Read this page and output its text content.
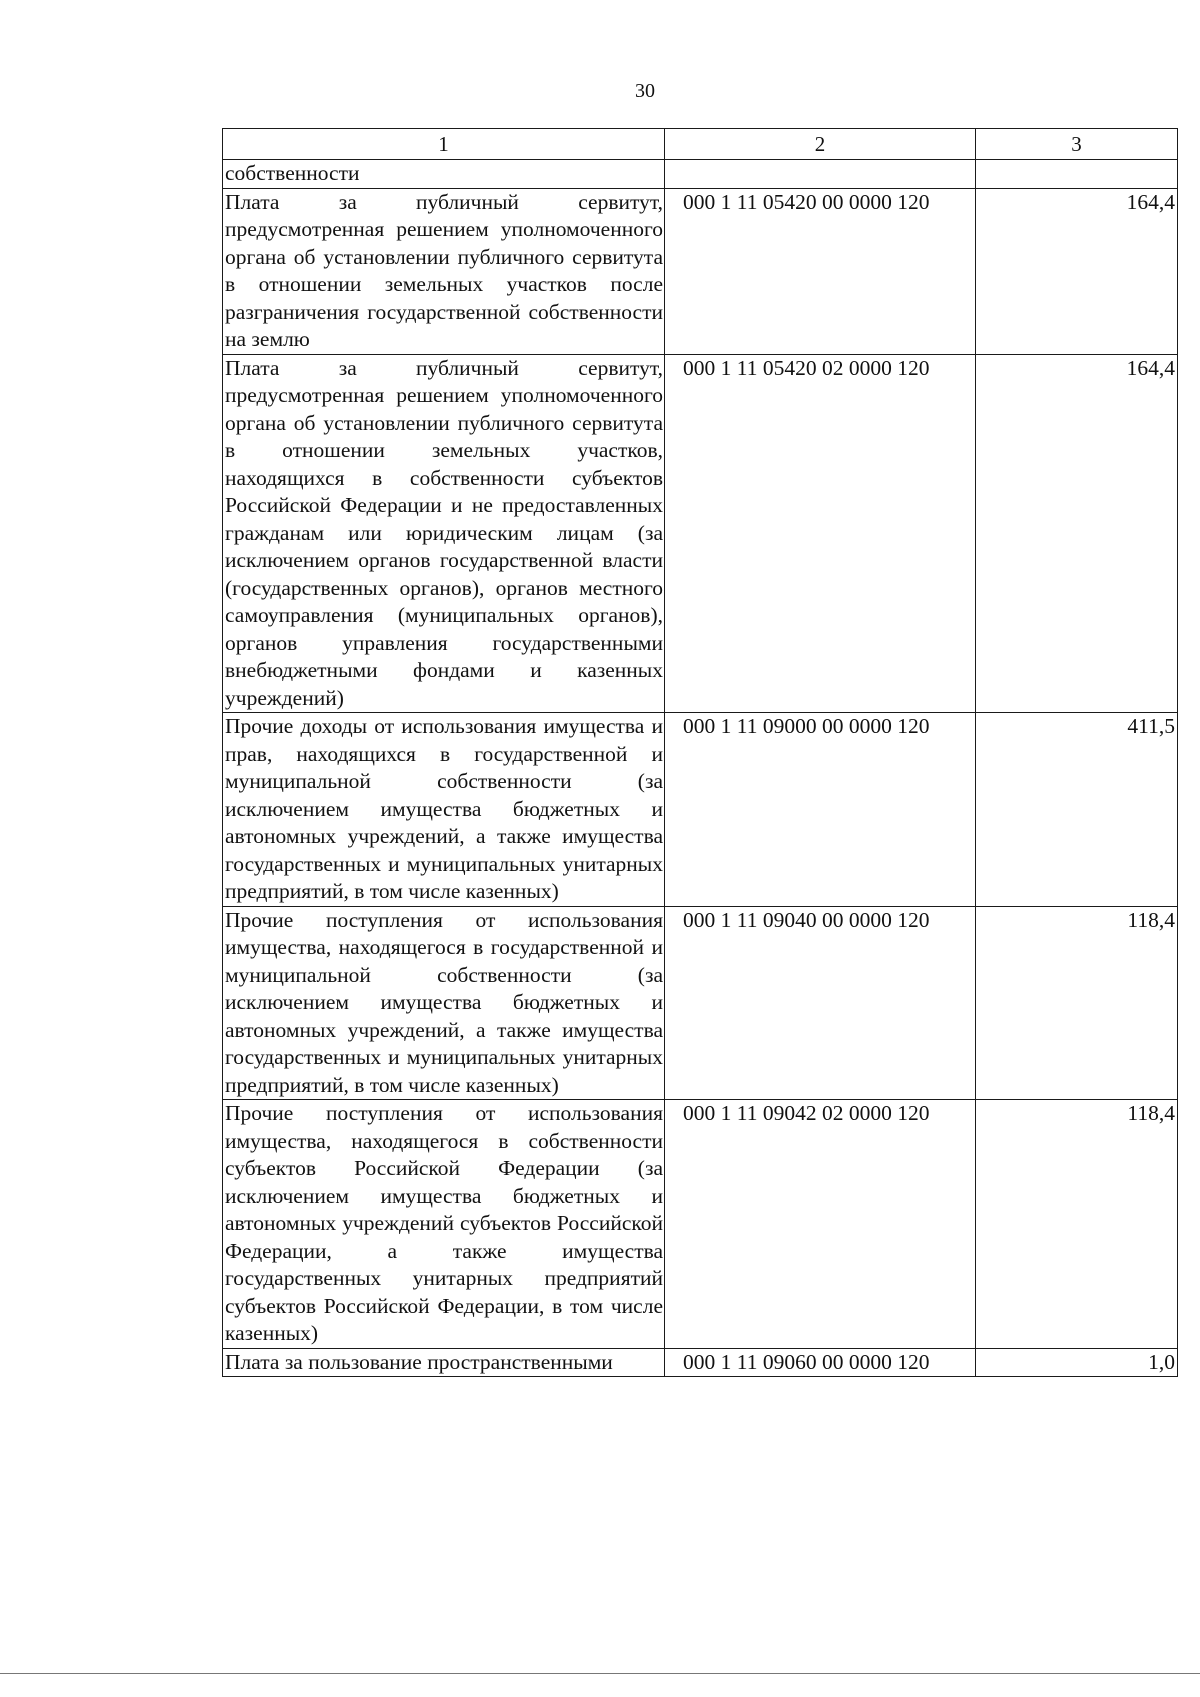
30
1	2	3
собственности		
Плата за публичный сервитут, предусмотренная решением уполномоченного органа об установлении публичного сервитута в отношении земельных участков после разграничения государственной собственности на землю	000 1 11 05420 00 0000 120	164,4
Плата за публичный сервитут, предусмотренная решением уполномоченного органа об установлении публичного сервитута в отношении земельных участков, находящихся в собственности субъектов Российской Федерации и не предоставленных гражданам или юридическим лицам (за исключением органов государственной власти (государственных органов), органов местного самоуправления (муниципальных органов), органов управления государственными внебюджетными фондами и казенных учреждений)	000 1 11 05420 02 0000 120	164,4
Прочие доходы от использования имущества и прав, находящихся в государственной и муниципальной собственности (за исключением имущества бюджетных и автономных учреждений, а также имущества государственных и муниципальных унитарных предприятий, в том числе казенных)	000 1 11 09000 00 0000 120	411,5
Прочие поступления от использования имущества, находящегося в государственной и муниципальной собственности (за исключением имущества бюджетных и автономных учреждений, а также имущества государственных и муниципальных унитарных предприятий, в том числе казенных)	000 1 11 09040 00 0000 120	118,4
Прочие поступления от использования имущества, находящегося в собственности субъектов Российской Федерации (за исключением имущества бюджетных и автономных учреждений субъектов Российской Федерации, а также имущества государственных унитарных предприятий субъектов Российской Федерации, в том числе казенных)	000 1 11 09042 02 0000 120	118,4
Плата за пользование пространственными	000 1 11 09060 00 0000 120	1,0
